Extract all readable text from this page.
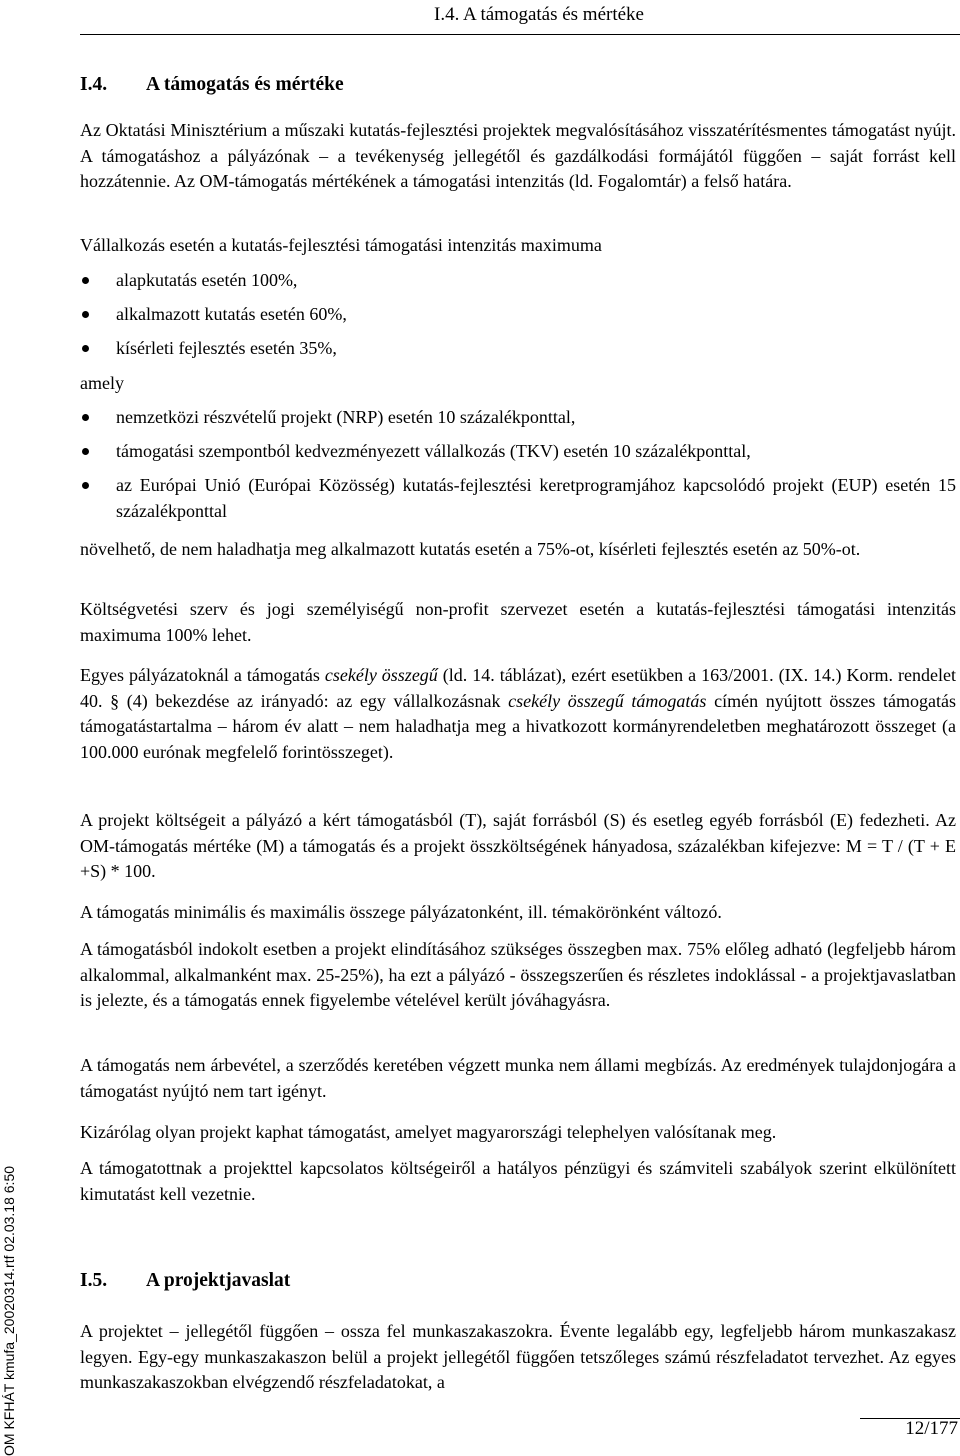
I.4. A támogatás és mértéke
I.4. A támogatás és mértéke
Az Oktatási Minisztérium a műszaki kutatás-fejlesztési projektek megvalósításához visszatérítésmentes támogatást nyújt. A támogatáshoz a pályázónak – a tevékenység jellegétől és gazdálkodási formájától függően – saját forrást kell hozzátennie. Az OM-támogatás mértékének a támogatási intenzitás (ld. Fogalomtár) a felső határa.
Vállalkozás esetén a kutatás-fejlesztési támogatási intenzitás maximuma
alapkutatás esetén 100%,
alkalmazott kutatás esetén 60%,
kísérleti fejlesztés esetén 35%,
amely
nemzetközi részvételű projekt (NRP) esetén 10 százalékponttal,
támogatási szempontból kedvezményezett vállalkozás (TKV) esetén 10 százalékponttal,
az Európai Unió (Európai Közösség) kutatás-fejlesztési keretprogramjához kapcsolódó projekt (EUP) esetén 15 százalékponttal
növelhető, de nem haladhatja meg alkalmazott kutatás esetén a 75%-ot, kísérleti fejlesztés esetén az 50%-ot.
Költségvetési szerv és jogi személyiségű non-profit szervezet esetén a kutatás-fejlesztési támogatási intenzitás maximuma 100% lehet.
Egyes pályázatoknál a támogatás csekély összegű (ld. 14. táblázat), ezért esetükben a 163/2001. (IX. 14.) Korm. rendelet 40. § (4) bekezdése az irányadó: az egy vállalkozásnak csekély összegű támogatás címén nyújtott összes támogatás támogatástartalma – három év alatt – nem haladhatja meg a hivatkozott kormányrendeletben meghatározott összeget (a 100.000 eurónak megfelelő forintösszeget).
A projekt költségeit a pályázó a kért támogatásból (T), saját forrásból (S) és esetleg egyéb forrásból (E) fedezheti. Az OM-támogatás mértéke (M) a támogatás és a projekt összköltségének hányadosa, százalékban kifejezve: M = T / (T + E +S) * 100.
A támogatás minimális és maximális összege pályázatonként, ill. témakörönként változó.
A támogatásból indokolt esetben a projekt elindításához szükséges összegben max. 75% előleg adható (legfeljebb három alkalommal, alkalmanként max. 25-25%), ha ezt a pályázó - összegszerűen és részletes indoklással - a projektjavaslatban is jelezte, és a támogatás ennek figyelembe vételével került jóváhagyásra.
A támogatás nem árbevétel, a szerződés keretében végzett munka nem állami megbízás. Az eredmények tulajdonjogára a támogatást nyújtó nem tart igényt.
Kizárólag olyan projekt kaphat támogatást, amelyet magyarországi telephelyen valósítanak meg.
A támogatottnak a projekttel kapcsolatos költségeiről a hatályos pénzügyi és számviteli szabályok szerint elkülönített kimutatást kell vezetnie.
I.5. A projektjavaslat
A projektet – jellegétől függően – ossza fel munkaszakaszokra. Évente legalább egy, legfeljebb három munkaszakasz legyen. Egy-egy munkaszakaszon belül a projekt jellegétől függően tetszőleges számú részfeladatot tervezhet. Az egyes munkaszakaszokban elvégzendő részfeladatokat, a
12/177
OM KFHÁT kmufa_20020314.rtf 02.03.18 6:50
